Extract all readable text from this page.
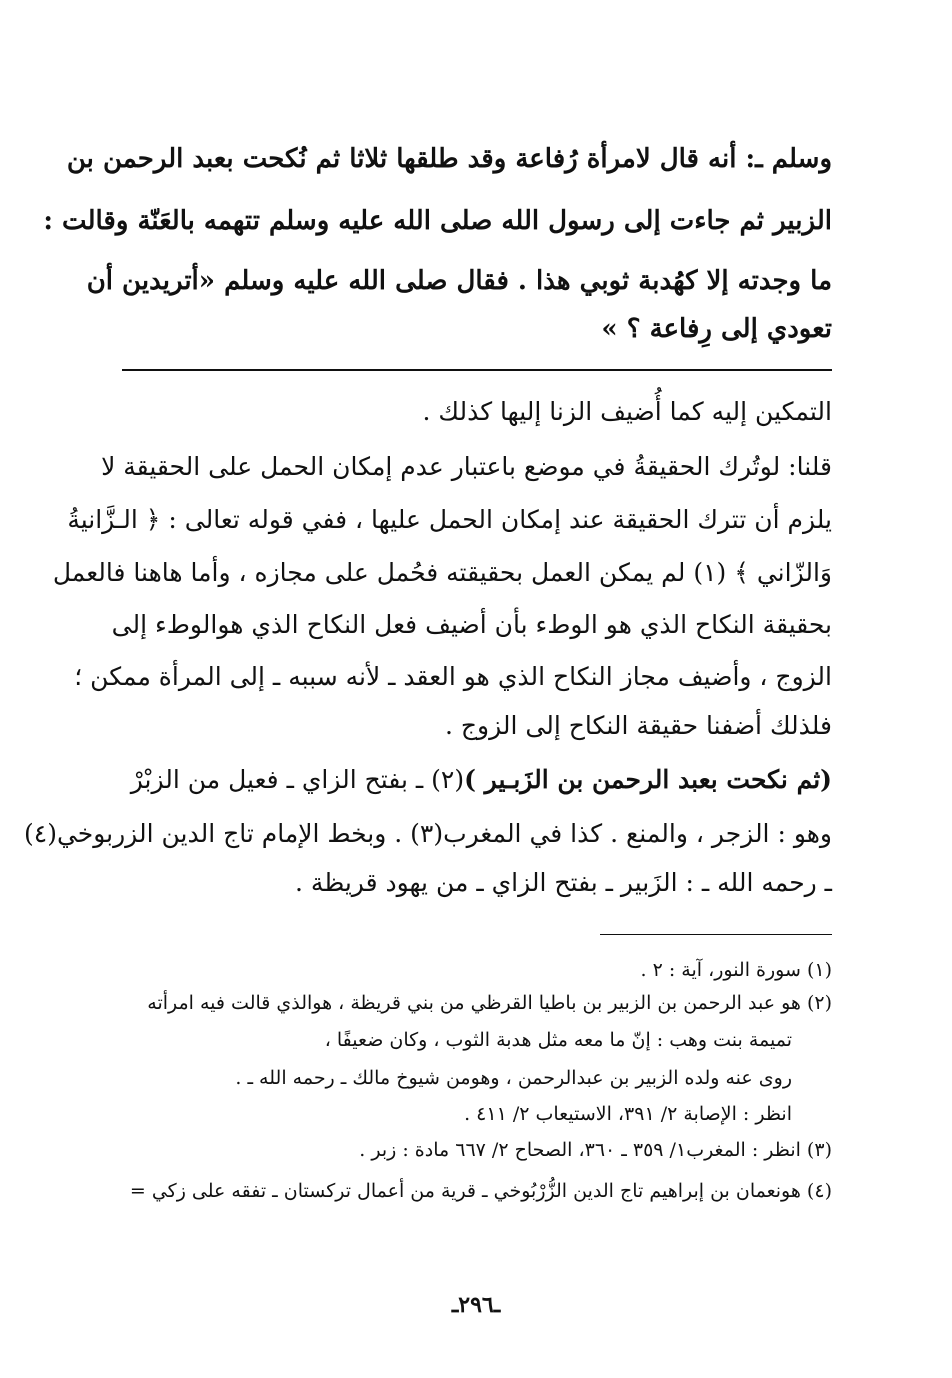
وسلم ـ: أنه قال لامرأة رُفاعة وقد طلقها ثلاثا ثم نُكحت بعبد الرحمن بن
الزبير ثم جاءت إلى رسول الله صلى الله عليه وسلم تتهمه بالعَنّة وقالت :
ما وجدته إلا كهُدبة ثوبي هذا . فقال صلى الله عليه وسلم «أتريدين أن
تعودي إلى رِفاعة ؟ »
التمكين إليه كما أُضيف الزنا إليها كذلك .
قلنا: لوتُرك الحقيقةُ في موضع باعتبار عدم إمكان الحمل على الحقيقة لا
يلزم أن تترك الحقيقة عند إمكان الحمل عليها ، ففي قوله تعالى : ﴿ الـزَّانيةُ
وَالزّاني ﴾ (١) لم يمكن العمل بحقيقته فحُمل على مجازه ، وأما هاهنا فالعمل
بحقيقة النكاح الذي هو الوطء بأن أضيف فعل النكاح الذي هوالوطء إلى
الزوج ، وأضيف مجاز النكاح الذي هو العقد ـ لأنه سببه ـ إلى المرأة ممكن ؛
فلذلك أضفنا حقيقة النكاح إلى الزوج .
(ثم نكحت بعبد الرحمن بن الزَبـير )(٢) ـ بفتح الزاي ـ فعيل من الزبْرْ
وهو : الزجر ، والمنع . كذا في المغرب(٣) . وبخط الإمام تاج الدين الزربوخي(٤)
ـ رحمه الله ـ : الزَبير ـ بفتح الزاي ـ من يهود قريظة .
(١) سورة النور، آية : ٢ .
(٢) هو عبد الرحمن بن الزبير بن باطيا القرظي من بني قريظة ، هوالذي قالت فيه امرأته
تميمة بنت وهب : إنّ ما معه مثل هدبة الثوب ، وكان ضعيفًا ،
روى عنه ولده الزبير بن عبدالرحمن ، وهومن شيوخ مالك ـ رحمه الله ـ .
انظر : الإصابة ٢/ ٣٩١، الاستيعاب ٢/ ٤١١ .
(٣) انظر : المغرب١/ ٣٥٩ ـ ٣٦٠، الصحاح ٢/ ٦٦٧ مادة : زبر .
(٤) هونعمان بن إبراهيم تاج الدين الزُّرْبُوخي ـ قرية من أعمال تركستان ـ تفقه على زكي =
ـ٢٩٦ـ
